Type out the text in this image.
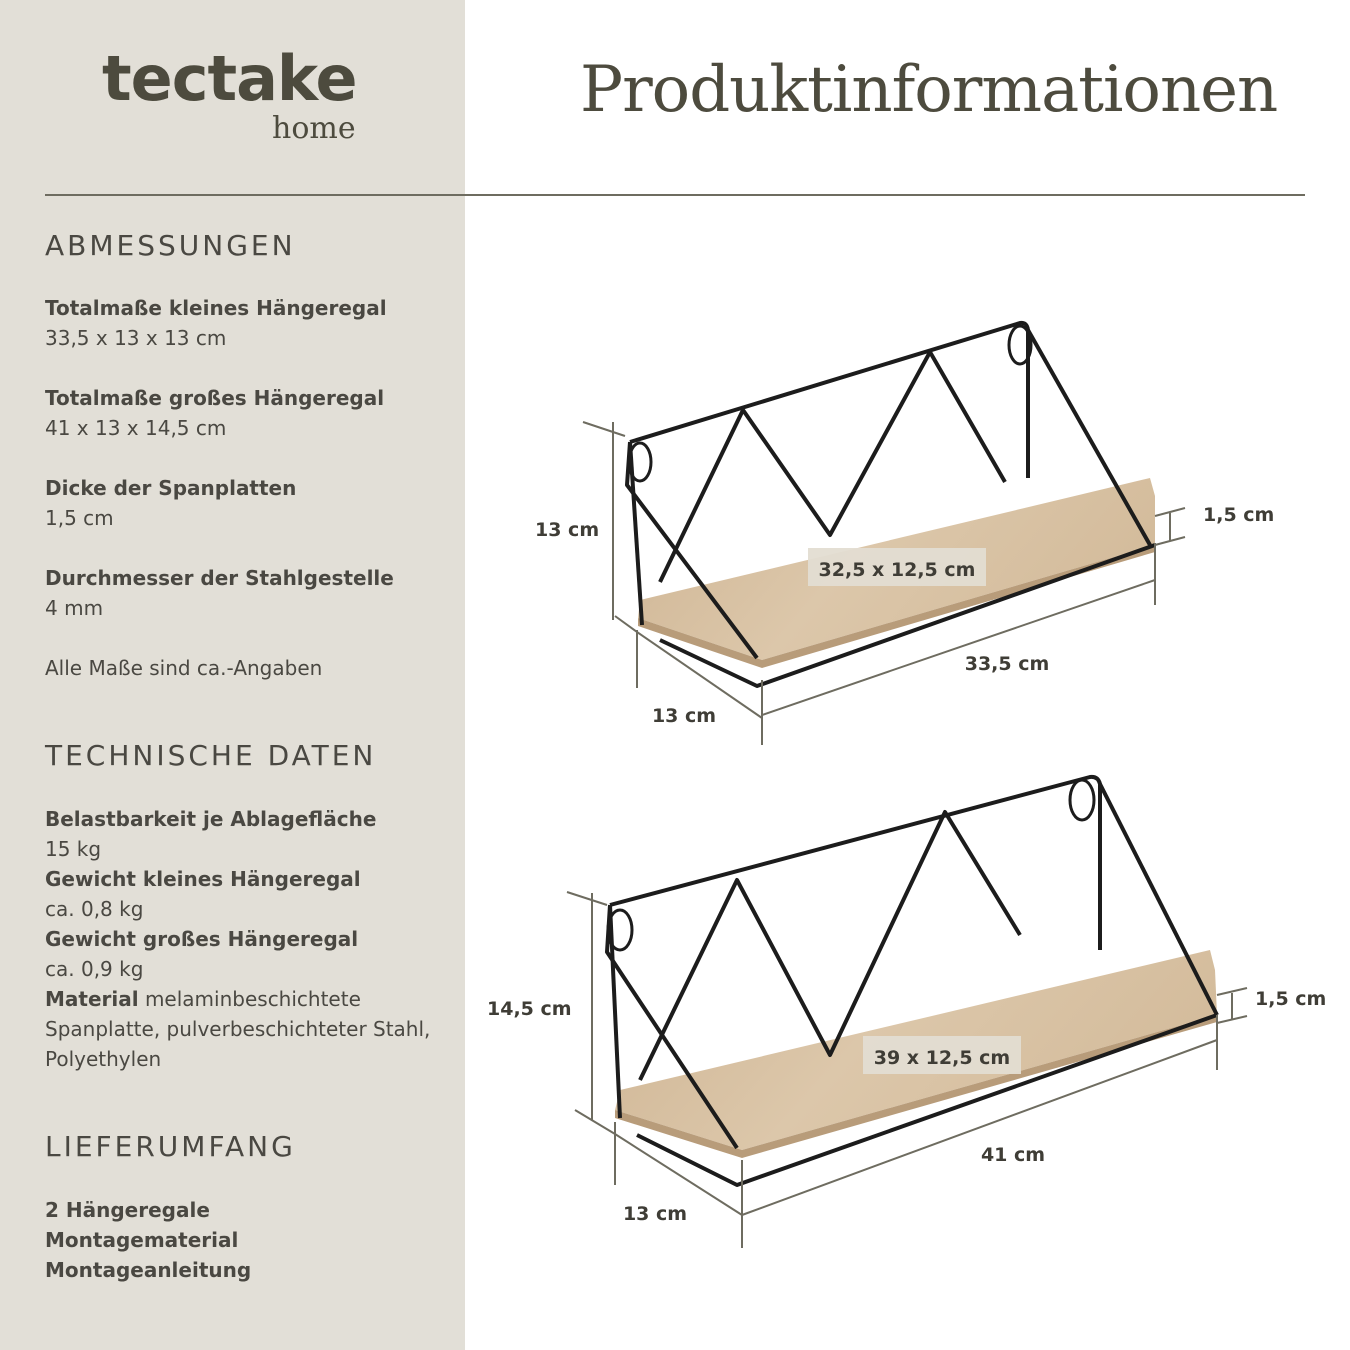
tectake
home
Produktinformationen
ABMESSUNGEN
Totalmaße kleines Hängeregal
33,5 x 13 x 13 cm
Totalmaße großes Hängeregal
41 x 13 x 14,5 cm
Dicke der Spanplatten
1,5 cm
Durchmesser der Stahlgestelle
4 mm
Alle Maße sind ca.-Angaben
TECHNISCHE DATEN
Belastbarkeit je Ablagefläche
15 kg
Gewicht kleines Hängeregal
ca. 0,8 kg
Gewicht großes Hängeregal
ca. 0,9 kg
Material melaminbeschichtete Spanplatte, pulverbeschichteter Stahl, Polyethylen
LIEFERUMFANG
2 Hängeregale
Montagematerial
Montageanleitung
13 cm
1,5 cm
32,5 x 12,5 cm
33,5 cm
13 cm
14,5 cm	1,5 cm
39 x 12,5 cm
41 cm
13 cm
